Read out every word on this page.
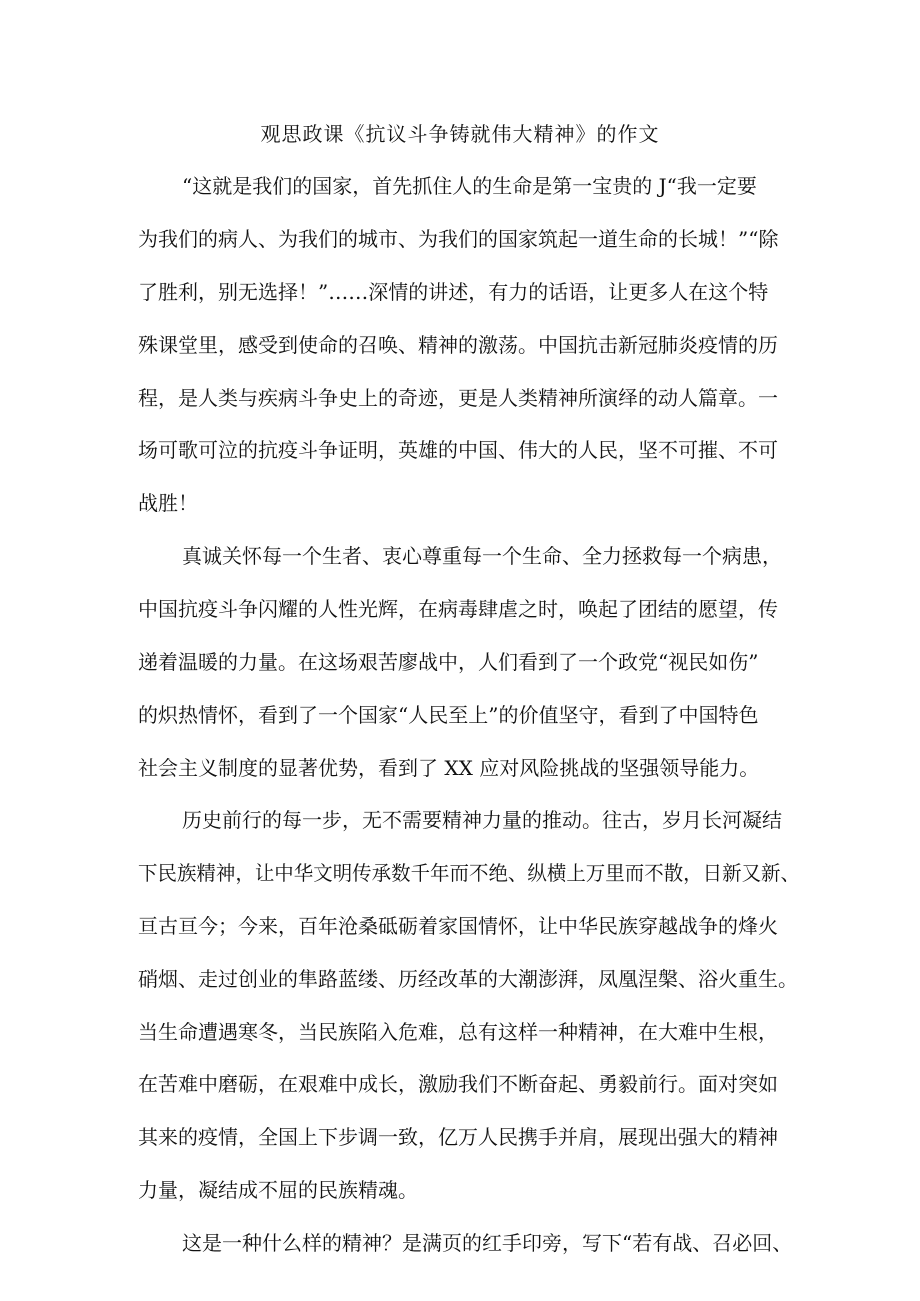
观思政课《抗议斗争铸就伟大精神》的作文

“这就是我们的国家，首先抓住人的生命是第一宝贵的 J“我一定要

为我们的病人、为我们的城市、为我们的国家筑起一道生命的长城！”“除

了胜利，别无选择！”……深情的讲述，有力的话语，让更多人在这个特

殊课堂里，感受到使命的召唤、精神的激荡。中国抗击新冠肺炎疫情的历

程，是人类与疾病斗争史上的奇迹，更是人类精神所演绎的动人篇章。一

场可歌可泣的抗疫斗争证明，英雄的中国、伟大的人民，坚不可摧、不可

战胜！

真诚关怀每一个生者、衷心尊重每一个生命、全力拯救每一个病患，

中国抗疫斗争闪耀的人性光辉，在病毒肆虐之时，唤起了团结的愿望，传

递着温暖的力量。在这场艰苦廖战中，人们看到了一个政党“视民如伤”

的炽热情怀，看到了一个国家“人民至上”的价值坚守，看到了中国特色

社会主义制度的显著优势，看到了 XX 应对风险挑战的坚强领导能力。

历史前行的每一步，无不需要精神力量的推动。往古，岁月长河凝结

下民族精神，让中华文明传承数千年而不绝、纵横上万里而不散，日新又新、

亘古亘今；今来，百年沧桑砥砺着家国情怀，让中华民族穿越战争的烽火

硝烟、走过创业的隼路蓝缕、历经改革的大潮澎湃，凤凰涅槃、浴火重生。

当生命遭遇寒冬，当民族陷入危难，总有这样一种精神，在大难中生根，

在苦难中磨砺，在艰难中成长，激励我们不断奋起、勇毅前行。面对突如

其来的疫情，全国上下步调一致，亿万人民携手并肩，展现出强大的精神

力量，凝结成不屈的民族精魂。

这是一种什么样的精神？是满页的红手印旁，写下“若有战、召必回、
